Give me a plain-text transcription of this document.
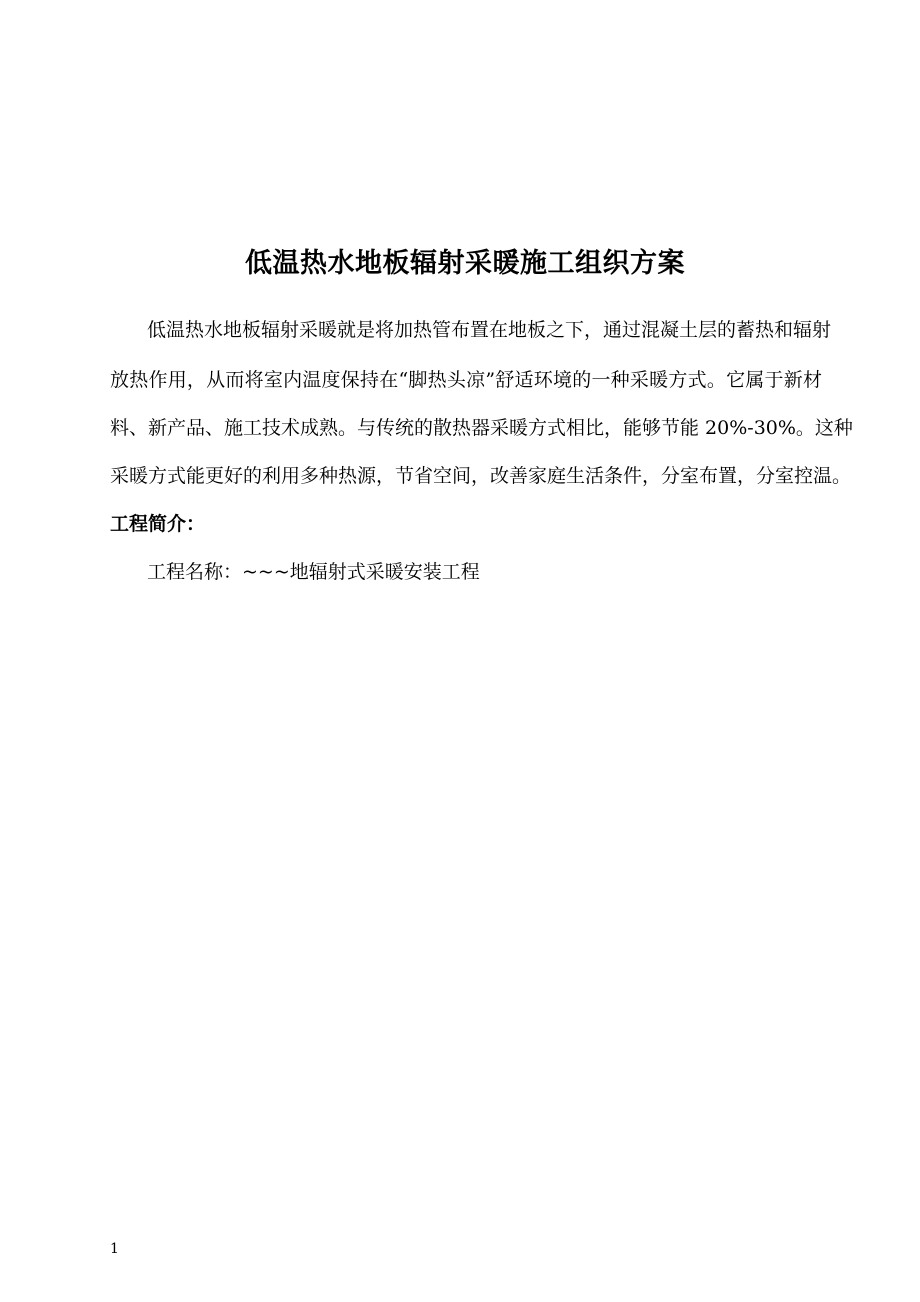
低温热水地板辐射采暖施工组织方案
低温热水地板辐射采暖就是将加热管布置在地板之下，通过混凝土层的蓄热和辐射
放热作用，从而将室内温度保持在“脚热头凉”舒适环境的一种采暖方式。它属于新材
料、新产品、施工技术成熟。与传统的散热器采暖方式相比，能够节能 20%-30%。这种
采暖方式能更好的利用多种热源，节省空间，改善家庭生活条件，分室布置，分室控温。
工程简介：
工程名称：~~~地辐射式采暖安装工程
1
